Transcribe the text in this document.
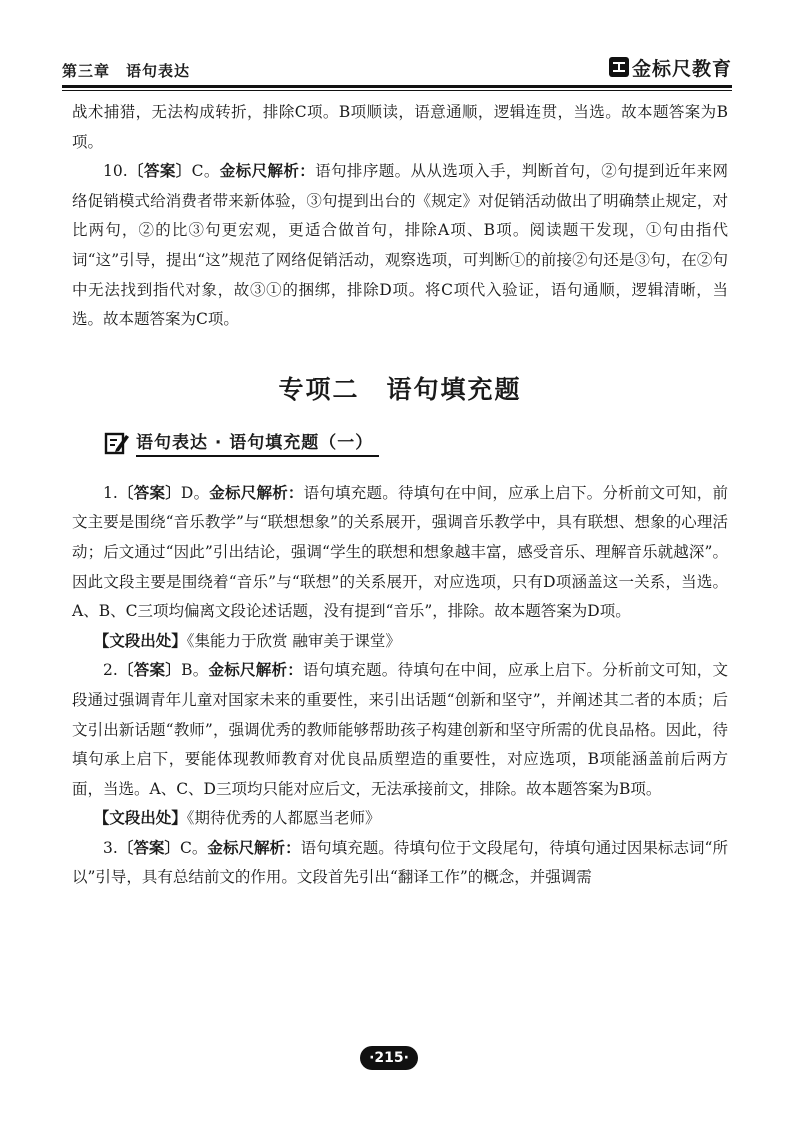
第三章　语句表达	金标尺教育

战术捕猎，无法构成转折，排除C项。B项顺读，语意通顺，逻辑连贯，当选。故本题答案为B项。

10.〔答案〕C。金标尺解析：语句排序题。从从选项入手，判断首句，②句提到近年来网络促销模式给消费者带来新体验，③句提到出台的《规定》对促销活动做出了明确禁止规定，对比两句，②的比③句更宏观，更适合做首句，排除A项、B项。阅读题干发现，①句由指代词“这”引导，提出“这”规范了网络促销活动，观察选项，可判断①的前接②句还是③句，在②句中无法找到指代对象，故③①的捆绑，排除D项。将C项代入验证，语句通顺，逻辑清晰，当选。故本题答案为C项。

专项二　语句填充题
语句表达 · 语句填充题（一）

1.〔答案〕D。金标尺解析：语句填充题。待填句在中间，应承上启下。分析前文可知，前文主要是围绕“音乐教学”与“联想想象”的关系展开，强调音乐教学中，具有联想、想象的心理活动；后文通过“因此”引出结论，强调“学生的联想和想象越丰富，感受音乐、理解音乐就越深”。因此文段主要是围绕着“音乐”与“联想”的关系展开，对应选项，只有D项涵盖这一关系，当选。A、B、C三项均偏离文段论述话题，没有提到“音乐”，排除。故本题答案为D项。

【文段出处】《集能力于欣赏 融审美于课堂》

2.〔答案〕B。金标尺解析：语句填充题。待填句在中间，应承上启下。分析前文可知，文段通过强调青年儿童对国家未来的重要性，来引出话题“创新和坚守”，并阐述其二者的本质；后文引出新话题“教师”，强调优秀的教师能够帮助孩子构建创新和坚守所需的优良品格。因此，待填句承上启下，要能体现教师教育对优良品质塑造的重要性，对应选项，B项能涵盖前后两方面，当选。A、C、D三项均只能对应后文，无法承接前文，排除。故本题答案为B项。

【文段出处】《期待优秀的人都愿当老师》

3.〔答案〕C。金标尺解析：语句填充题。待填句位于文段尾句，待填句通过因果标志词“所以”引导，具有总结前文的作用。文段首先引出“翻译工作”的概念，并强调需

·215·
